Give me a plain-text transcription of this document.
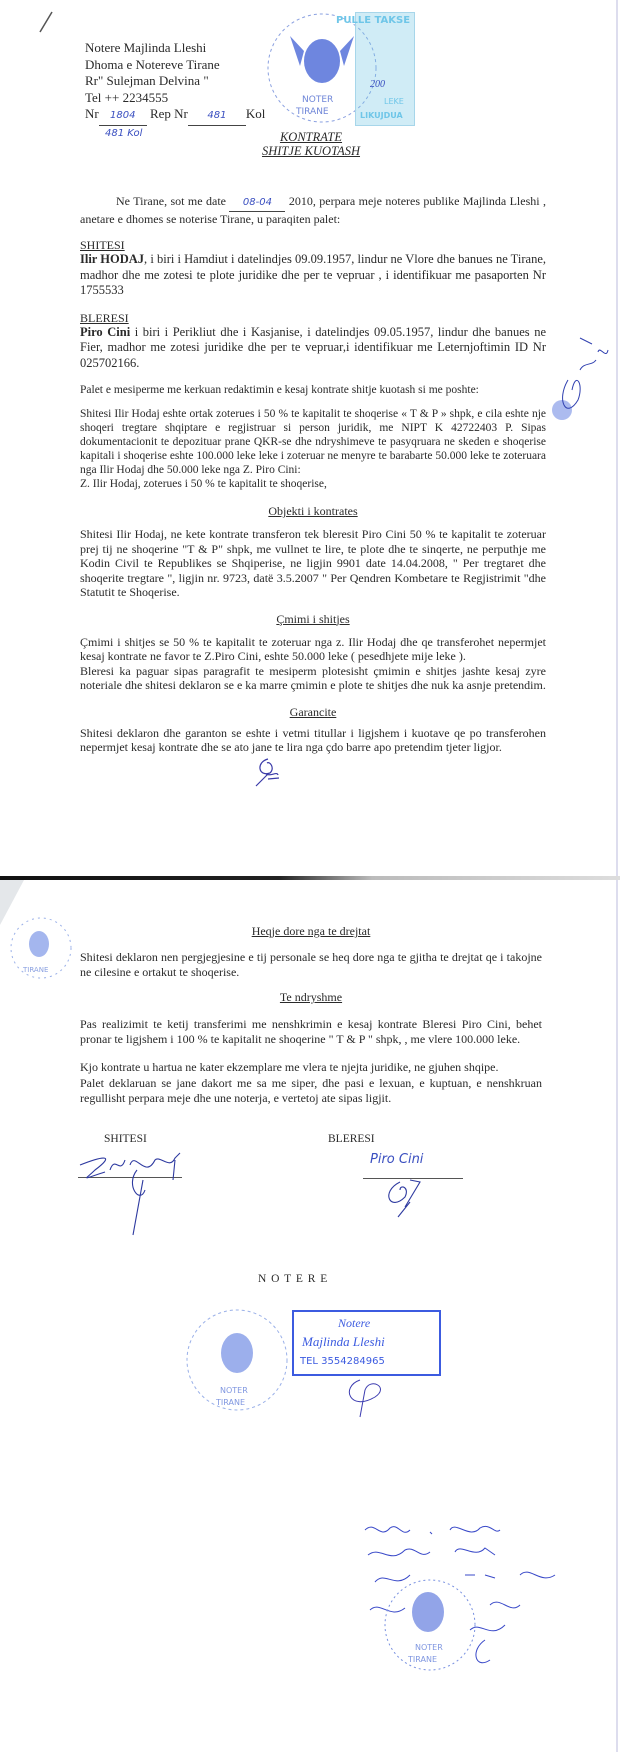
NOTER
TIRANE
PULLE TAKSE
200
LEKE
LIKUJDUA
Notere Majlinda Lleshi
Dhoma e Notereve Tirane
Rr" Sulejman Delvina "
Tel ++ 2234555
Nr 1804 Rep Nr 481 Kol
481 Kol	KONTRATE
SHITJE KUOTASH
Ne Tirane, sot me date 08-04 2010, perpara meje noteres publike Majlinda Lleshi , anetare e dhomes se noterise Tirane, u paraqiten palet:
SHITESI
Ilir HODAJ, i biri i Hamdiut i datelindjes 09.09.1957, lindur ne Vlore dhe banues ne Tirane, madhor dhe me zotesi te plote juridike dhe per te vepruar , i identifikuar me pasaporten Nr 1755533
BLERESI
Piro Cini i biri i Perikliut dhe i Kasjanise, i datelindjes 09.05.1957, lindur dhe banues ne Fier, madhor me zotesi juridike dhe per te vepruar,i identifikuar me Leternjoftimin ID Nr 025702166.
Palet e mesiperme me kerkuan redaktimin e kesaj kontrate shitje kuotash si me poshte:
Shitesi Ilir Hodaj eshte ortak zoterues i 50 % te kapitalit te shoqerise « T & P » shpk, e cila eshte nje shoqeri tregtare shqiptare e regjistruar si person juridik, me NIPT K 42722403 P. Sipas dokumentacionit te depozituar prane QKR-se dhe ndryshimeve te pasyqruara ne skeden e shoqerise kapitali i shoqerise eshte 100.000 leke leke i zoteruar ne menyre te barabarte 50.000 leke te zoteruara nga Ilir Hodaj dhe 50.000 leke nga Z. Piro Cini:
Z. Ilir Hodaj, zoterues i 50 % te kapitalit te shoqerise,
Objekti i kontrates
Shitesi Ilir Hodaj, ne kete kontrate transferon tek bleresit Piro Cini 50 % te kapitalit te zoteruar prej tij ne shoqerine "T & P" shpk, me vullnet te lire, te plote dhe te sinqerte, ne perputhje me Kodin Civil te Republikes se Shqiperise, ne ligjin 9901 date 14.04.2008, " Per tregtaret dhe shoqerite tregtare ", ligjin nr. 9723, datë 3.5.2007 " Per Qendren Kombetare te Regjistrimit "dhe Statutit te Shoqerise.
Çmimi i shitjes
Çmimi i shitjes se 50 % te kapitalit te zoteruar nga z. Ilir Hodaj dhe qe transferohet nepermjet kesaj kontrate ne favor te Z.Piro Cini, eshte 50.000 leke ( pesedhjete mije leke ).
Bleresi ka paguar sipas paragrafit te mesiperm plotesisht çmimin e shitjes jashte kesaj zyre noteriale dhe shitesi deklaron se e ka marre çmimin e plote te shitjes dhe nuk ka asnje pretendim.
Garancite
Shitesi deklaron dhe garanton se eshte i vetmi titullar i ligjshem i kuotave qe po transferohen nepermjet kesaj kontrate dhe se ato jane te lira nga çdo barre apo pretendim tjeter ligjor.
TIRANE
Heqje dore nga te drejtat
Shitesi deklaron nen pergjegjesine e tij personale se heq dore nga te gjitha te drejtat qe i takojne ne cilesine e ortakut te shoqerise.
Te ndryshme
Pas realizimit te ketij transferimi me nenshkrimin e kesaj kontrate Bleresi Piro Cini, behet pronar te ligjshem i 100 % te kapitalit ne shoqerine " T & P " shpk, , me vlere 100.000 leke.
Kjo kontrate u hartua ne kater ekzemplare me vlera te njejta juridike, ne gjuhen shqipe.
Palet deklaruan se jane dakort me sa me siper, dhe pasi e lexuan, e kuptuan, e nenshkruan regullisht perpara meje dhe une noterja, e vertetoj ate sipas ligjit.
SHITESI	BLERESI
Piro Cini
N O T E R E
NOTER
TIRANE
Notere
Majlinda Lleshi
TEL 3554284965
NOTER
TIRANE
